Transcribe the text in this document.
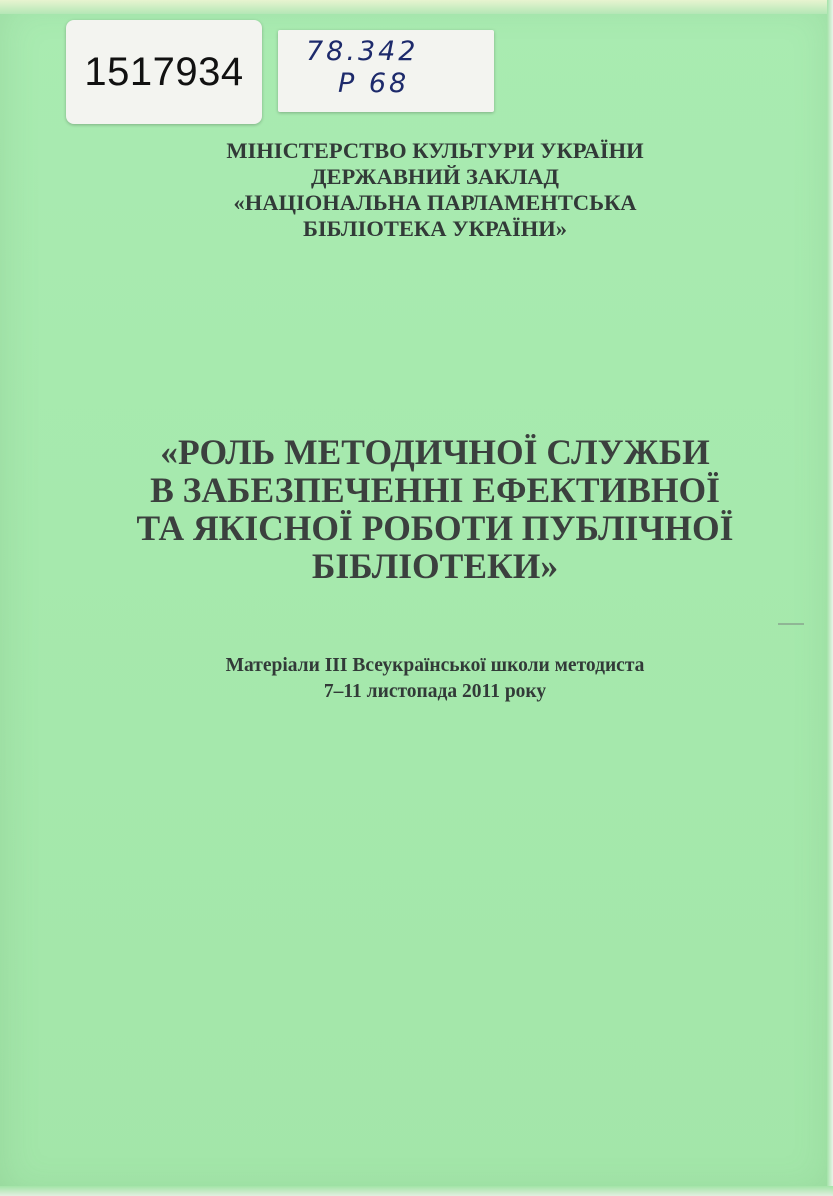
1517934	78.342
Р 68
МІНІСТЕРСТВО КУЛЬТУРИ УКРАЇНИ
ДЕРЖАВНИЙ ЗАКЛАД
«НАЦІОНАЛЬНА ПАРЛАМЕНТСЬКА
БІБЛІОТЕКА УКРАЇНИ»
«РОЛЬ МЕТОДИЧНОЇ СЛУЖБИ
В ЗАБЕЗПЕЧЕННІ ЕФЕКТИВНОЇ
ТА ЯКІСНОЇ РОБОТИ ПУБЛІЧНОЇ
БІБЛІОТЕКИ»
Матеріали ІІІ Всеукраїнської школи методиста
7–11 листопада 2011 року
